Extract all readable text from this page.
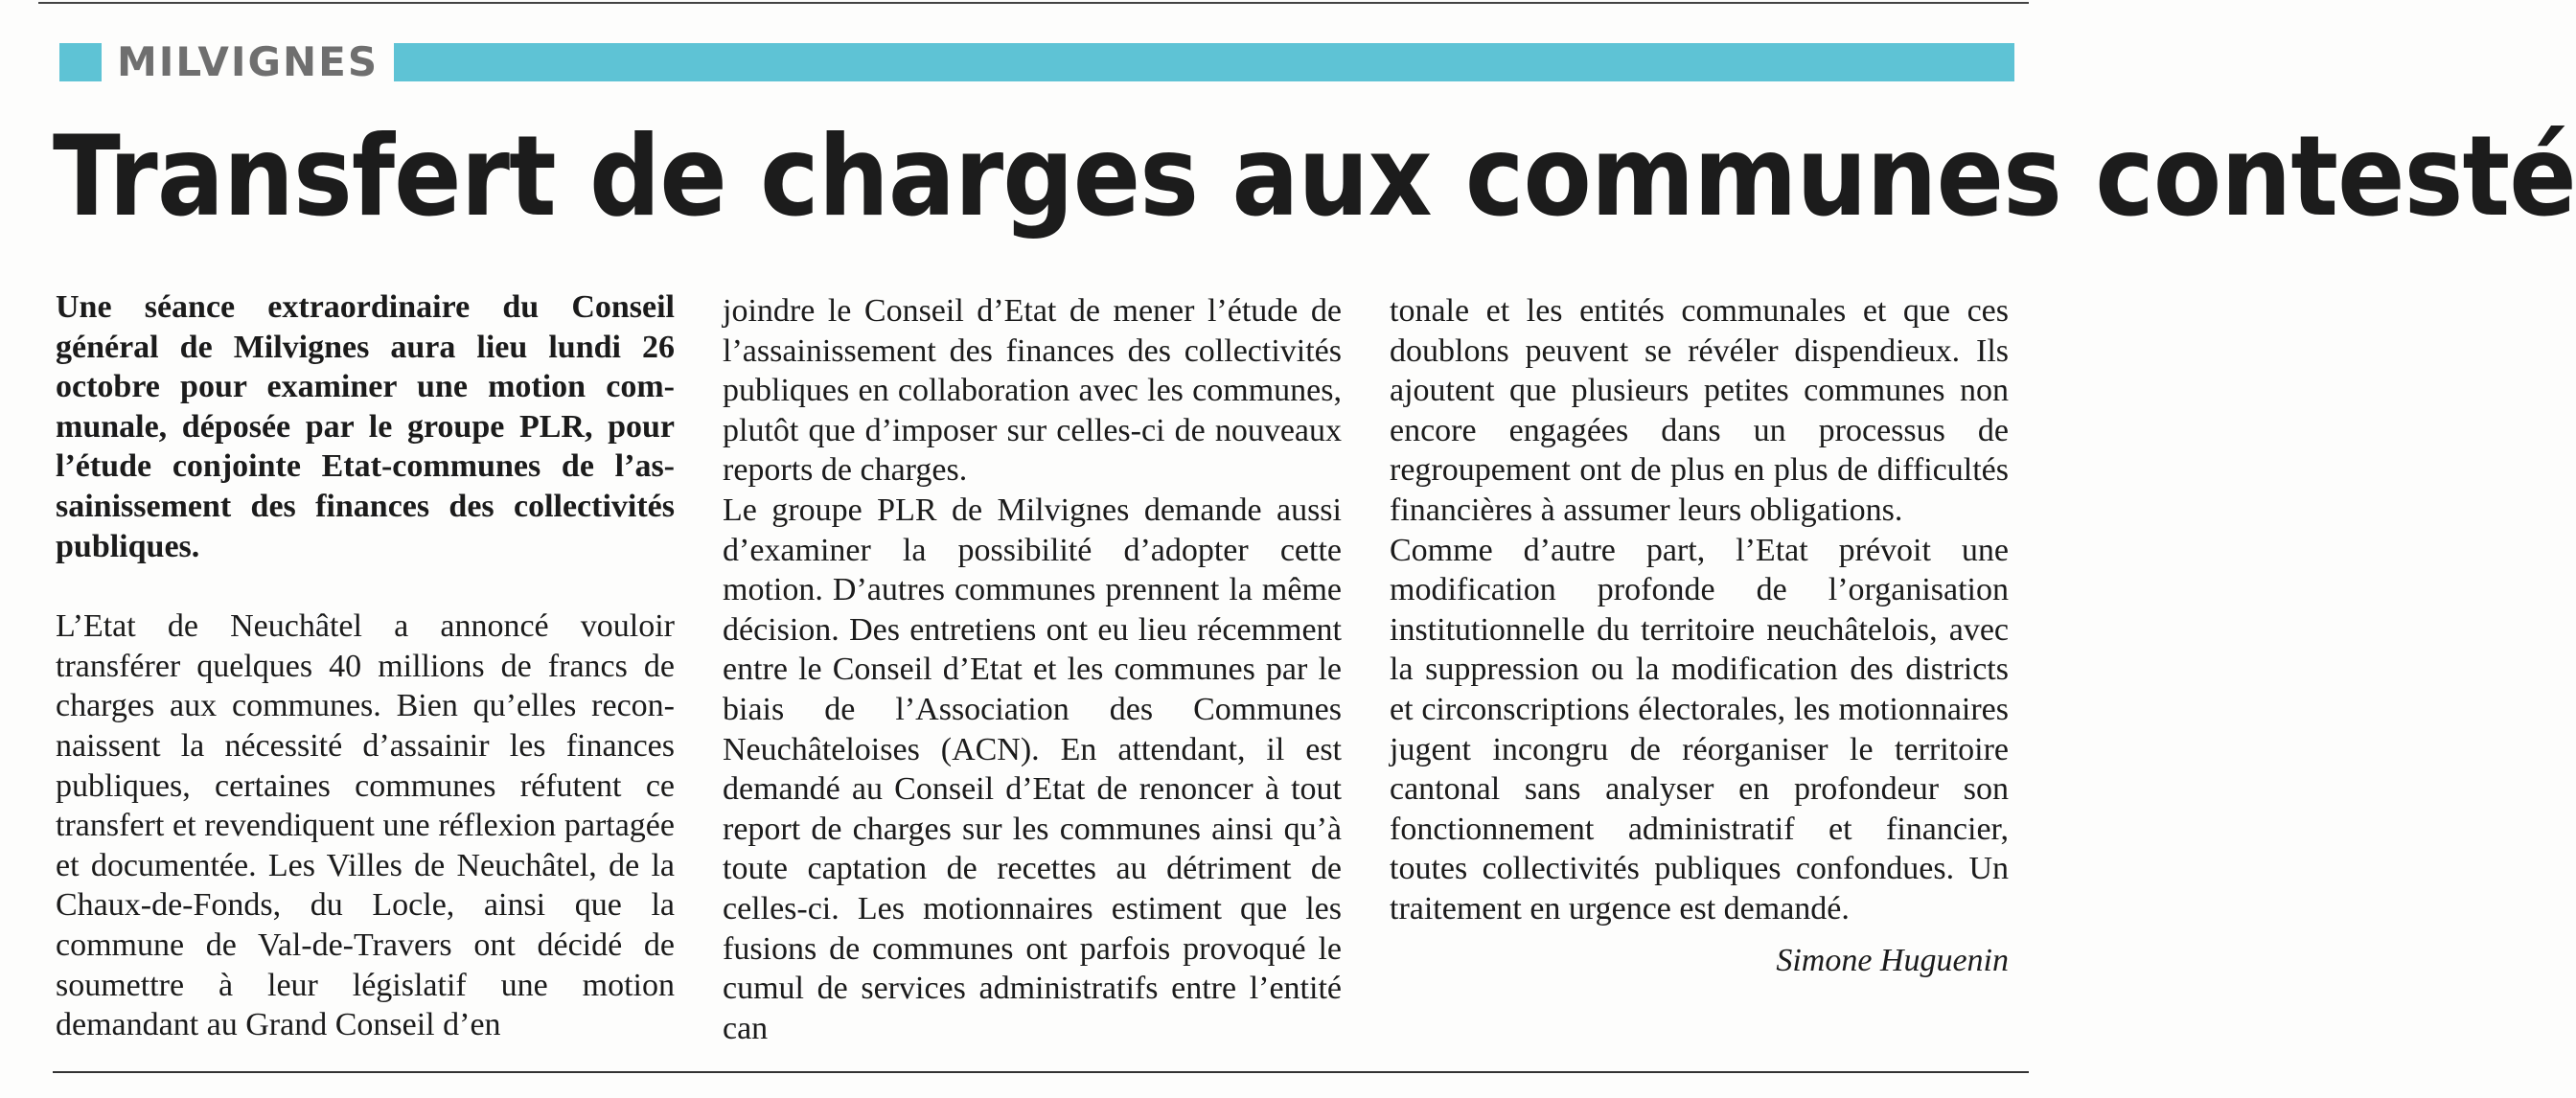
MILVIGNES
Transfert de charges aux communes contesté

Une séance extraordinaire du Conseil général de Milvignes aura lieu lundi 26 octobre pour examiner une motion communale, déposée par le groupe PLR, pour l’étude conjointe Etat-communes de l’assainissement des finances des collectivités publiques.

L’Etat de Neuchâtel a annoncé vouloir transférer quelques 40 millions de francs de charges aux communes. Bien qu’elles reconnaissent la nécessité d’assainir les finances publiques, certaines communes réfutent ce transfert et revendiquent une réflexion partagée et documentée. Les Villes de Neuchâtel, de la Chaux-de-Fonds, du Locle, ainsi que la commune de Val-de-Travers ont décidé de soumettre à leur législatif une motion demandant au Grand Conseil d’en

joindre le Conseil d’Etat de mener l’étude de l’assainissement des finances des collectivités publiques en collaboration avec les communes, plutôt que d’imposer sur celles-ci de nouveaux reports de charges.

Le groupe PLR de Milvignes demande aussi d’examiner la possibilité d’adopter cette motion. D’autres communes prennent la même décision. Des entretiens ont eu lieu récemment entre le Conseil d’Etat et les communes par le biais de l’Association des Communes Neuchâteloises (ACN). En attendant, il est demandé au Conseil d’Etat de renoncer à tout report de charges sur les communes ainsi qu’à toute captation de recettes au détriment de celles-ci. Les motionnaires estiment que les fusions de communes ont parfois provoqué le cumul de services administratifs entre l’entité can

tonale et les entités communales et que ces doublons peuvent se révéler dispendieux. Ils ajoutent que plusieurs petites communes non encore engagées dans un processus de regroupement ont de plus en plus de difficultés financières à assumer leurs obligations.

Comme d’autre part, l’Etat prévoit une modification profonde de l’organisation institutionnelle du territoire neuchâtelois, avec la suppression ou la modification des districts et circonscriptions électorales, les motionnaires jugent incongru de réorganiser le territoire cantonal sans analyser en profondeur son fonctionnement administratif et financier, toutes collectivités publiques confondues. Un traitement en urgence est demandé.

Simone Huguenin
